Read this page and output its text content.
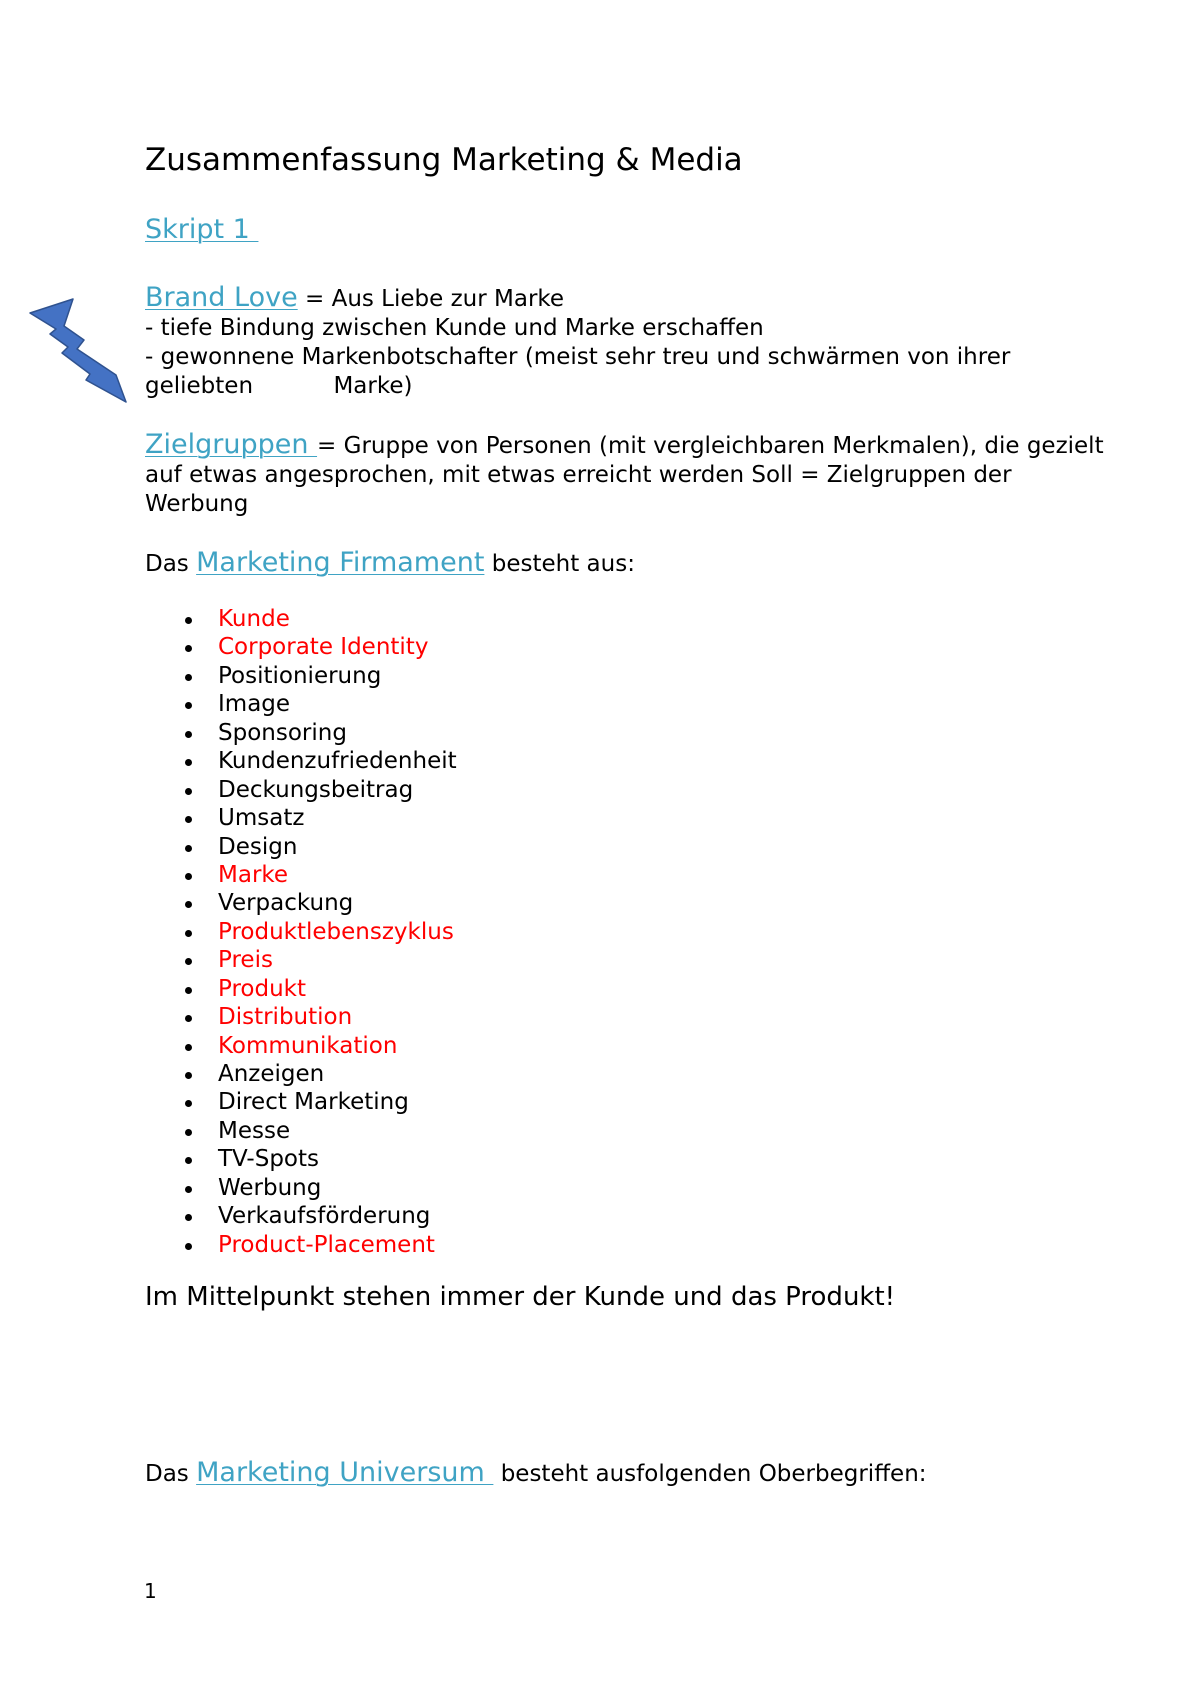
Zusammenfassung Marketing & Media
Skript 1
Brand Love = Aus Liebe zur Marke
- tiefe Bindung zwischen Kunde und Marke erschaffen
- gewonnene Markenbotschafter (meist sehr treu und schwärmen von ihrer geliebten           Marke)
Zielgruppen = Gruppe von Personen (mit vergleichbaren Merkmalen), die gezielt auf etwas angesprochen, mit etwas erreicht werden Soll = Zielgruppen der Werbung
Das Marketing Firmament besteht aus:
Kunde
Corporate Identity
Positionierung
Image
Sponsoring
Kundenzufriedenheit
Deckungsbeitrag
Umsatz
Design
Marke
Verpackung
Produktlebenszyklus
Preis
Produkt
Distribution
Kommunikation
Anzeigen
Direct Marketing
Messe
TV-Spots
Werbung
Verkaufsförderung
Product-Placement
Im Mittelpunkt stehen immer der Kunde und das Produkt!
Das Marketing Universum  besteht ausfolgenden Oberbegriffen:
1
